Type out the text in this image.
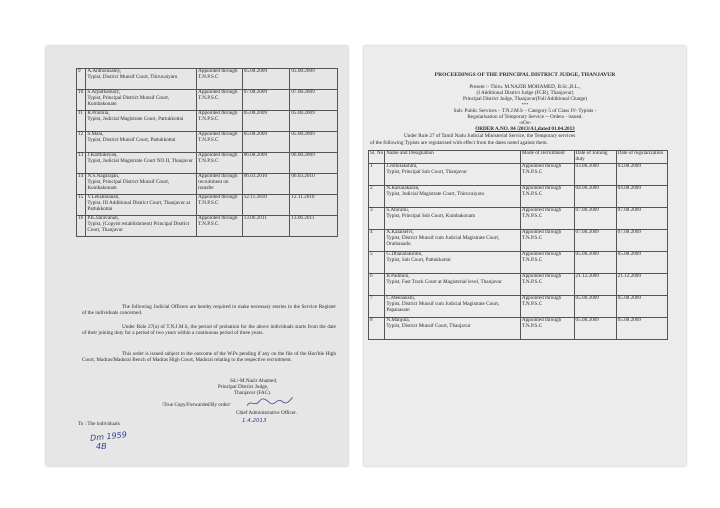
9	A.Anthonisamy,
Typist, District Munsif Court, Thiruvaiyaru	Appointed through T.N.P.S.C	05.08.2009	05.08.2009
10	S.Arputhamary,
Typist, Principal District Munsif Court, Kumbakonam	Appointed through T.N.P.S.C	07.08.2009	07.08.2009
11	R.Pramila,
Typist, Judicial Magistrate Court, Pattukkottai	Appointed through T.N.P.S.C	05.08.2009	05.08.2009
12	S.Mala,
Typist, District Munsif Court, Pattukkottai	Appointed through T.N.P.S.C	05.08.2009	05.08.2009
13	J.Karthikeyan,
Typist, Judicial Magistrate Court NO.II, Thanjavur	Appointed through T.N.P.S.C	06.08.2009	06.08.2009
14	N.S.Nagarajan,
Typist, Principal District Munsif Court, Kumbakonam	Appointed through recruitment on transfer	06.03.2010	06.03.2010
15	V.Lekshmanan,
Typist, III Additional District Court, Thanjavur at Pattukkottai	Appointed through T.N.P.S.C	12.11.2010	12.11.2010
16	P.K.Saravanan,
Typist, (Copyist establishment) Principal District Court, Thanjavur	Appointed through T.N.P.S.C	13.06.2011	13.06.2011
The following Judicial Officers are hereby required to make necessary entries in the Service Register of the individuals concerned.
Under Rule 27(a) of T.N.J.M.S, the period of probation for the above individuals starts from the date of their joining duty for a period of two years within a continuous period of three years.
This order is issued subject to the outcome of the W.Ps pending if any on the file of the Hon'ble High Court, Madras/Madurai Bench of Madras High Court, Madurai relating to the respective recruitment.
Sd./-M.Nazir Ahamed,
Principal District Judge,
Thanjavur (FAC).
/True Copy/Forwarded/By order/
Chief Administrative Officer.
1.4.2013
To : The individuals
Dm 1959
4B
PROCEEDINGS OF THE PRINCIPAL DISTRICT JUDGE, THANJAVUR
Present :- Thiru. M.NAZIR MOHAMED, B.Sc.,B.L.,
(I Additional District Judge (FCR), Thanjavur)
Principal District Judge, Thanjavur(Full Additional Charge)
***
Sub: Public Services – T.N.J.M.S – Category 5 of Class IV- Typists -
Regularisation of Temporary Service -- Orders - issued.
-oOo-
ORDER A.NO. 84 /2013/A1,dated 01.04.2013
Under Rule 27 of Tamil Nadu Judicial Ministerial Service, the Temporary services
of the following Typists are regularised with effect from the dates noted against them.
Sl. No	Name and Designation	Mode of recruitment	Date of Joining duty	Date of regularization
1	J.Jothilakshmi,
Typist, Principal Sub Court, Thanjavur	Appointed through T.N.P.S.C	03.08.2009	03.08.2009
2	N.Karunakaran,
Typist, Judicial Magistrate Court, Thiruvaiyaru	Appointed through T.N.P.S.C	04.08.2009	04.08.2009
3	S.Abirami,
Typist, Principal Sub Court, Kumbakonam	Appointed through T.N.P.S.C	07.08.2009	07.08.2009
4	A.Kalaiselvi,
Typist, District Munsif cum Judicial Magistrate Court, Orathanadu	Appointed through T.N.P.S.C	07.08.2009	07.08.2009
5	G.Dhanalakshmi,
Typist, Sub Court, Pattukkottai	Appointed through T.N.P.S.C	05.08.2009	05.08.2009
6	B.Padmini,
Typist, Fast Track Court at Magisterial level, Thanjavur	Appointed through T.N.P.S.C	21.12.2009	21.12.2009
7	C.Meenakshi,
Typist, District Munsif cum Judicial Magistrate Court, Papanasam	Appointed through T.N.P.S.C	05.08.2009	05.08.2009
8	N.Manjula,
Typist, District Munsif Court, Thanjavur	Appointed through T.N.P.S.C	05.08.2009	05.08.2009
